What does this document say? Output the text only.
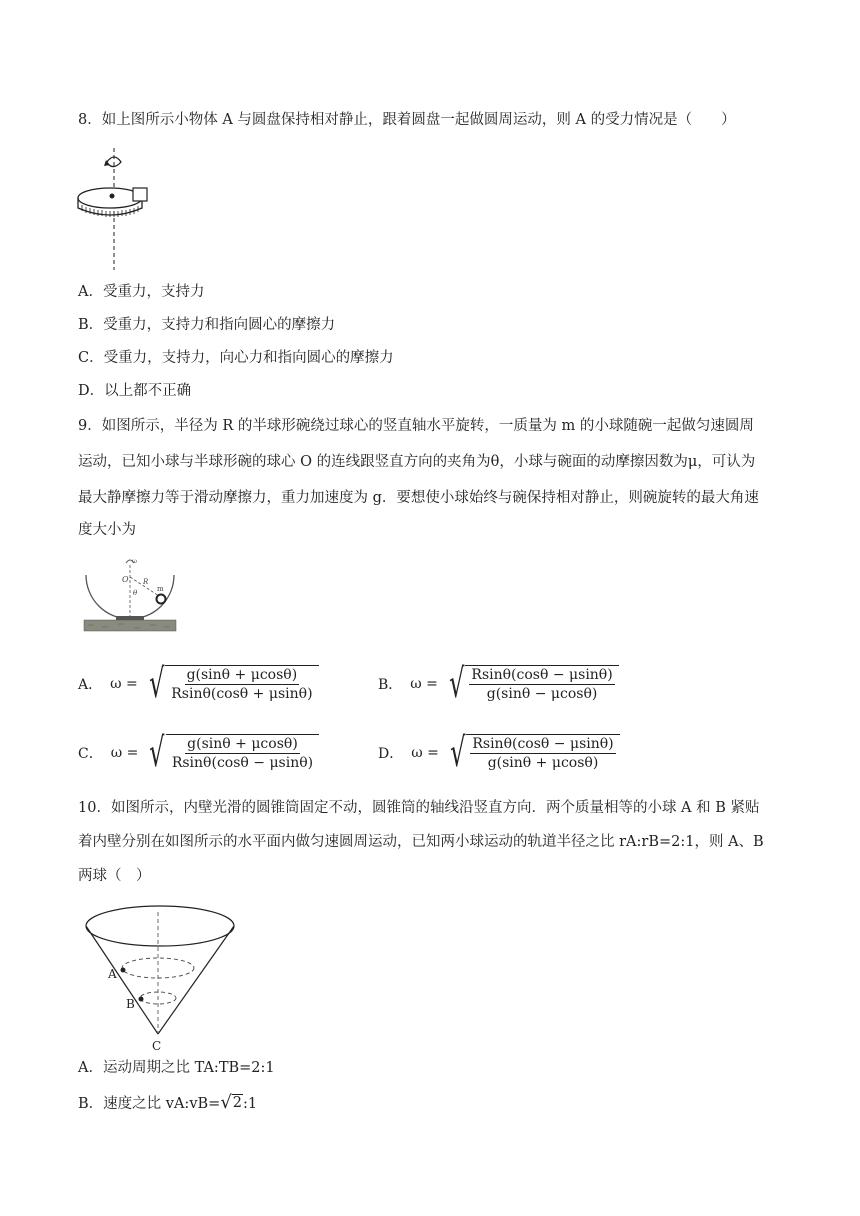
8．如上图所示小物体 A 与圆盘保持相对静止，跟着圆盘一起做圆周运动，则 A 的受力情况是（　　）
A．受重力，支持力
B．受重力，支持力和指向圆心的摩擦力
C．受重力，支持力，向心力和指向圆心的摩擦力
D．以上都不正确
9．如图所示，半径为 R 的半球形碗绕过球心的竖直轴水平旋转，一质量为 m 的小球随碗一起做匀速圆周
运动，已知小球与半球形碗的球心 O 的连线跟竖直方向的夹角为θ，小球与碗面的动摩擦因数为μ，可认为
最大静摩擦力等于滑动摩擦力，重力加速度为 g．要想使小球始终与碗保持相对静止，则碗旋转的最大角速
度大小为
ω
O R
θ	m
A． ω = √ $\frac{g(\sin\theta + \mu\cos\theta)}{Rsin\theta(\cos\theta + \mu\sin\theta)}$	B． ω = √ $\frac{Rsin\theta(\cos\theta - \mu\sin\theta)}{g(\sin\theta - \mu\cos\theta)}$
C． ω = √ $\frac{g(\sin\theta + \mu\cos\theta)}{Rsin\theta(\cos\theta - \mu\sin\theta)}$	D． ω = √ $\frac{Rsin\theta(\cos\theta - \mu\sin\theta)}{g(\sin\theta + \mu\cos\theta)}$
10．如图所示，内壁光滑的圆锥筒固定不动，圆锥筒的轴线沿竖直方向．两个质量相等的小球 A 和 B 紧贴
着内壁分别在如图所示的水平面内做匀速圆周运动，已知两小球运动的轨道半径之比 rA:rB=2:1，则 A、B
两球（　）
A
B
C
A．运动周期之比 TA:TB=2:1
B．速度之比 vA:vB= √ 2 :1
